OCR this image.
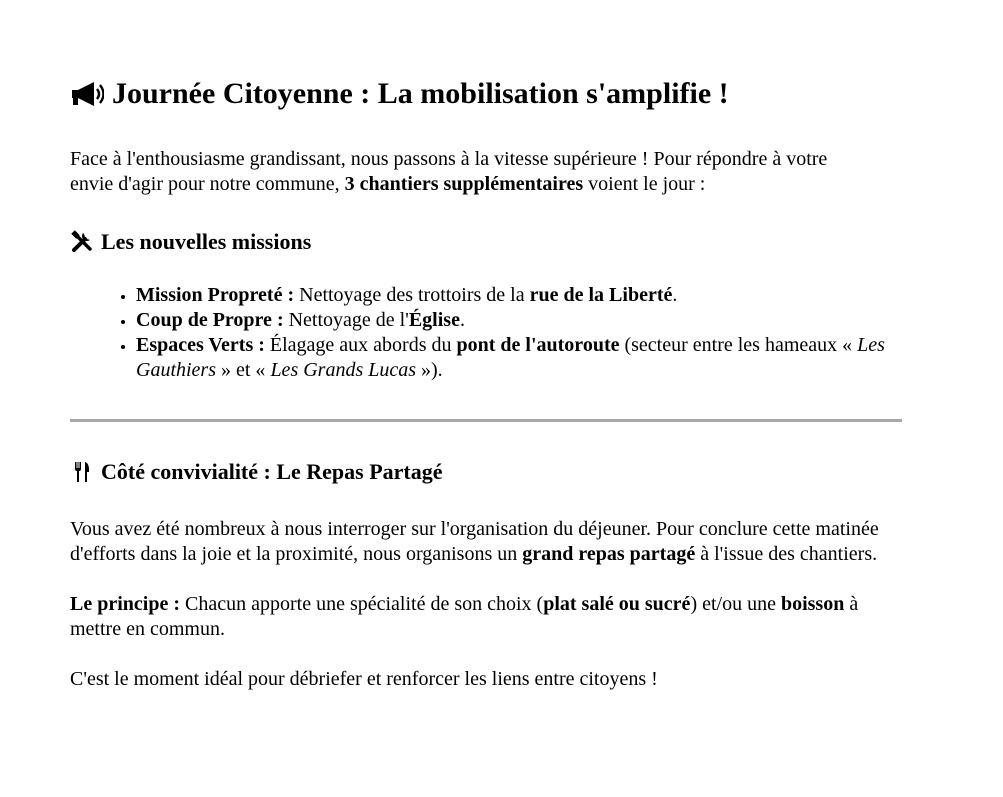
Journée Citoyenne : La mobilisation s'amplifie !

Face à l'enthousiasme grandissant, nous passons à la vitesse supérieure ! Pour répondre à votre envie d'agir pour notre commune, 3 chantiers supplémentaires voient le jour :

Les nouvelles missions
• Mission Propreté : Nettoyage des trottoirs de la rue de la Liberté.
• Coup de Propre : Nettoyage de l'Église.
• Espaces Verts : Élagage aux abords du pont de l'autoroute (secteur entre les hameaux « Les Gauthiers » et « Les Grands Lucas »).
Côté convivialité : Le Repas Partagé

Vous avez été nombreux à nous interroger sur l'organisation du déjeuner. Pour conclure cette matinée d'efforts dans la joie et la proximité, nous organisons un grand repas partagé à l'issue des chantiers.

Le principe : Chacun apporte une spécialité de son choix (plat salé ou sucré) et/ou une boisson à mettre en commun.

C'est le moment idéal pour débriefer et renforcer les liens entre citoyens !
